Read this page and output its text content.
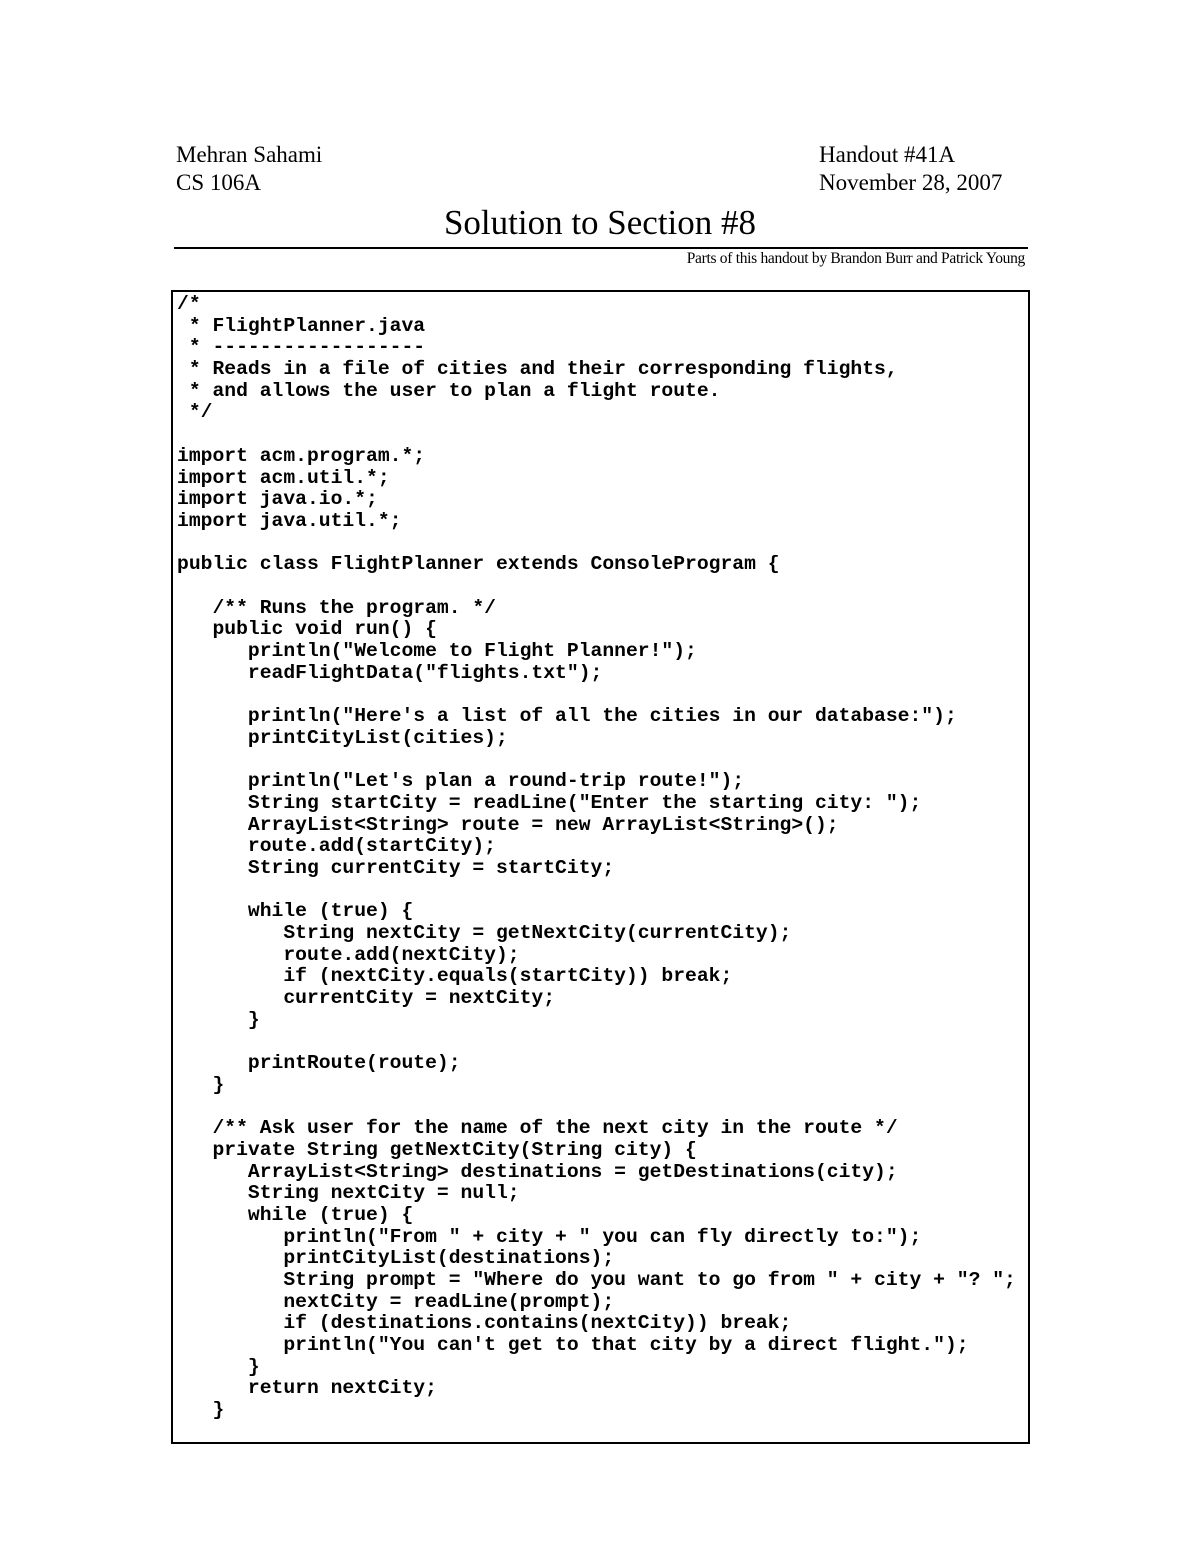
Mehran Sahami
CS 106A
Handout #41A
November 28, 2007
Solution to Section #8
Parts of this handout by Brandon Burr and Patrick Young
/*
* FlightPlanner.java
* ------------------
* Reads in a file of cities and their corresponding flights,
* and allows the user to plan a flight route.
*/
import acm.program.*;
import acm.util.*;
import java.io.*;
import java.util.*;
public class FlightPlanner extends ConsoleProgram {
/** Runs the program. */
public void run() {
println("Welcome to Flight Planner!");
readFlightData("flights.txt");
println("Here's a list of all the cities in our database:");
printCityList(cities);
println("Let's plan a round-trip route!");
String startCity = readLine("Enter the starting city: ");
ArrayList<String> route = new ArrayList<String>();
route.add(startCity);
String currentCity = startCity;
while (true) {
String nextCity = getNextCity(currentCity);
route.add(nextCity);
if (nextCity.equals(startCity)) break;
currentCity = nextCity;
}
printRoute(route);
}
/** Ask user for the name of the next city in the route */
private String getNextCity(String city) {
ArrayList<String> destinations = getDestinations(city);
String nextCity = null;
while (true) {
println("From " + city + " you can fly directly to:");
printCityList(destinations);
String prompt = "Where do you want to go from " + city + "? ";
nextCity = readLine(prompt);
if (destinations.contains(nextCity)) break;
println("You can't get to that city by a direct flight.");
}
return nextCity;
}
